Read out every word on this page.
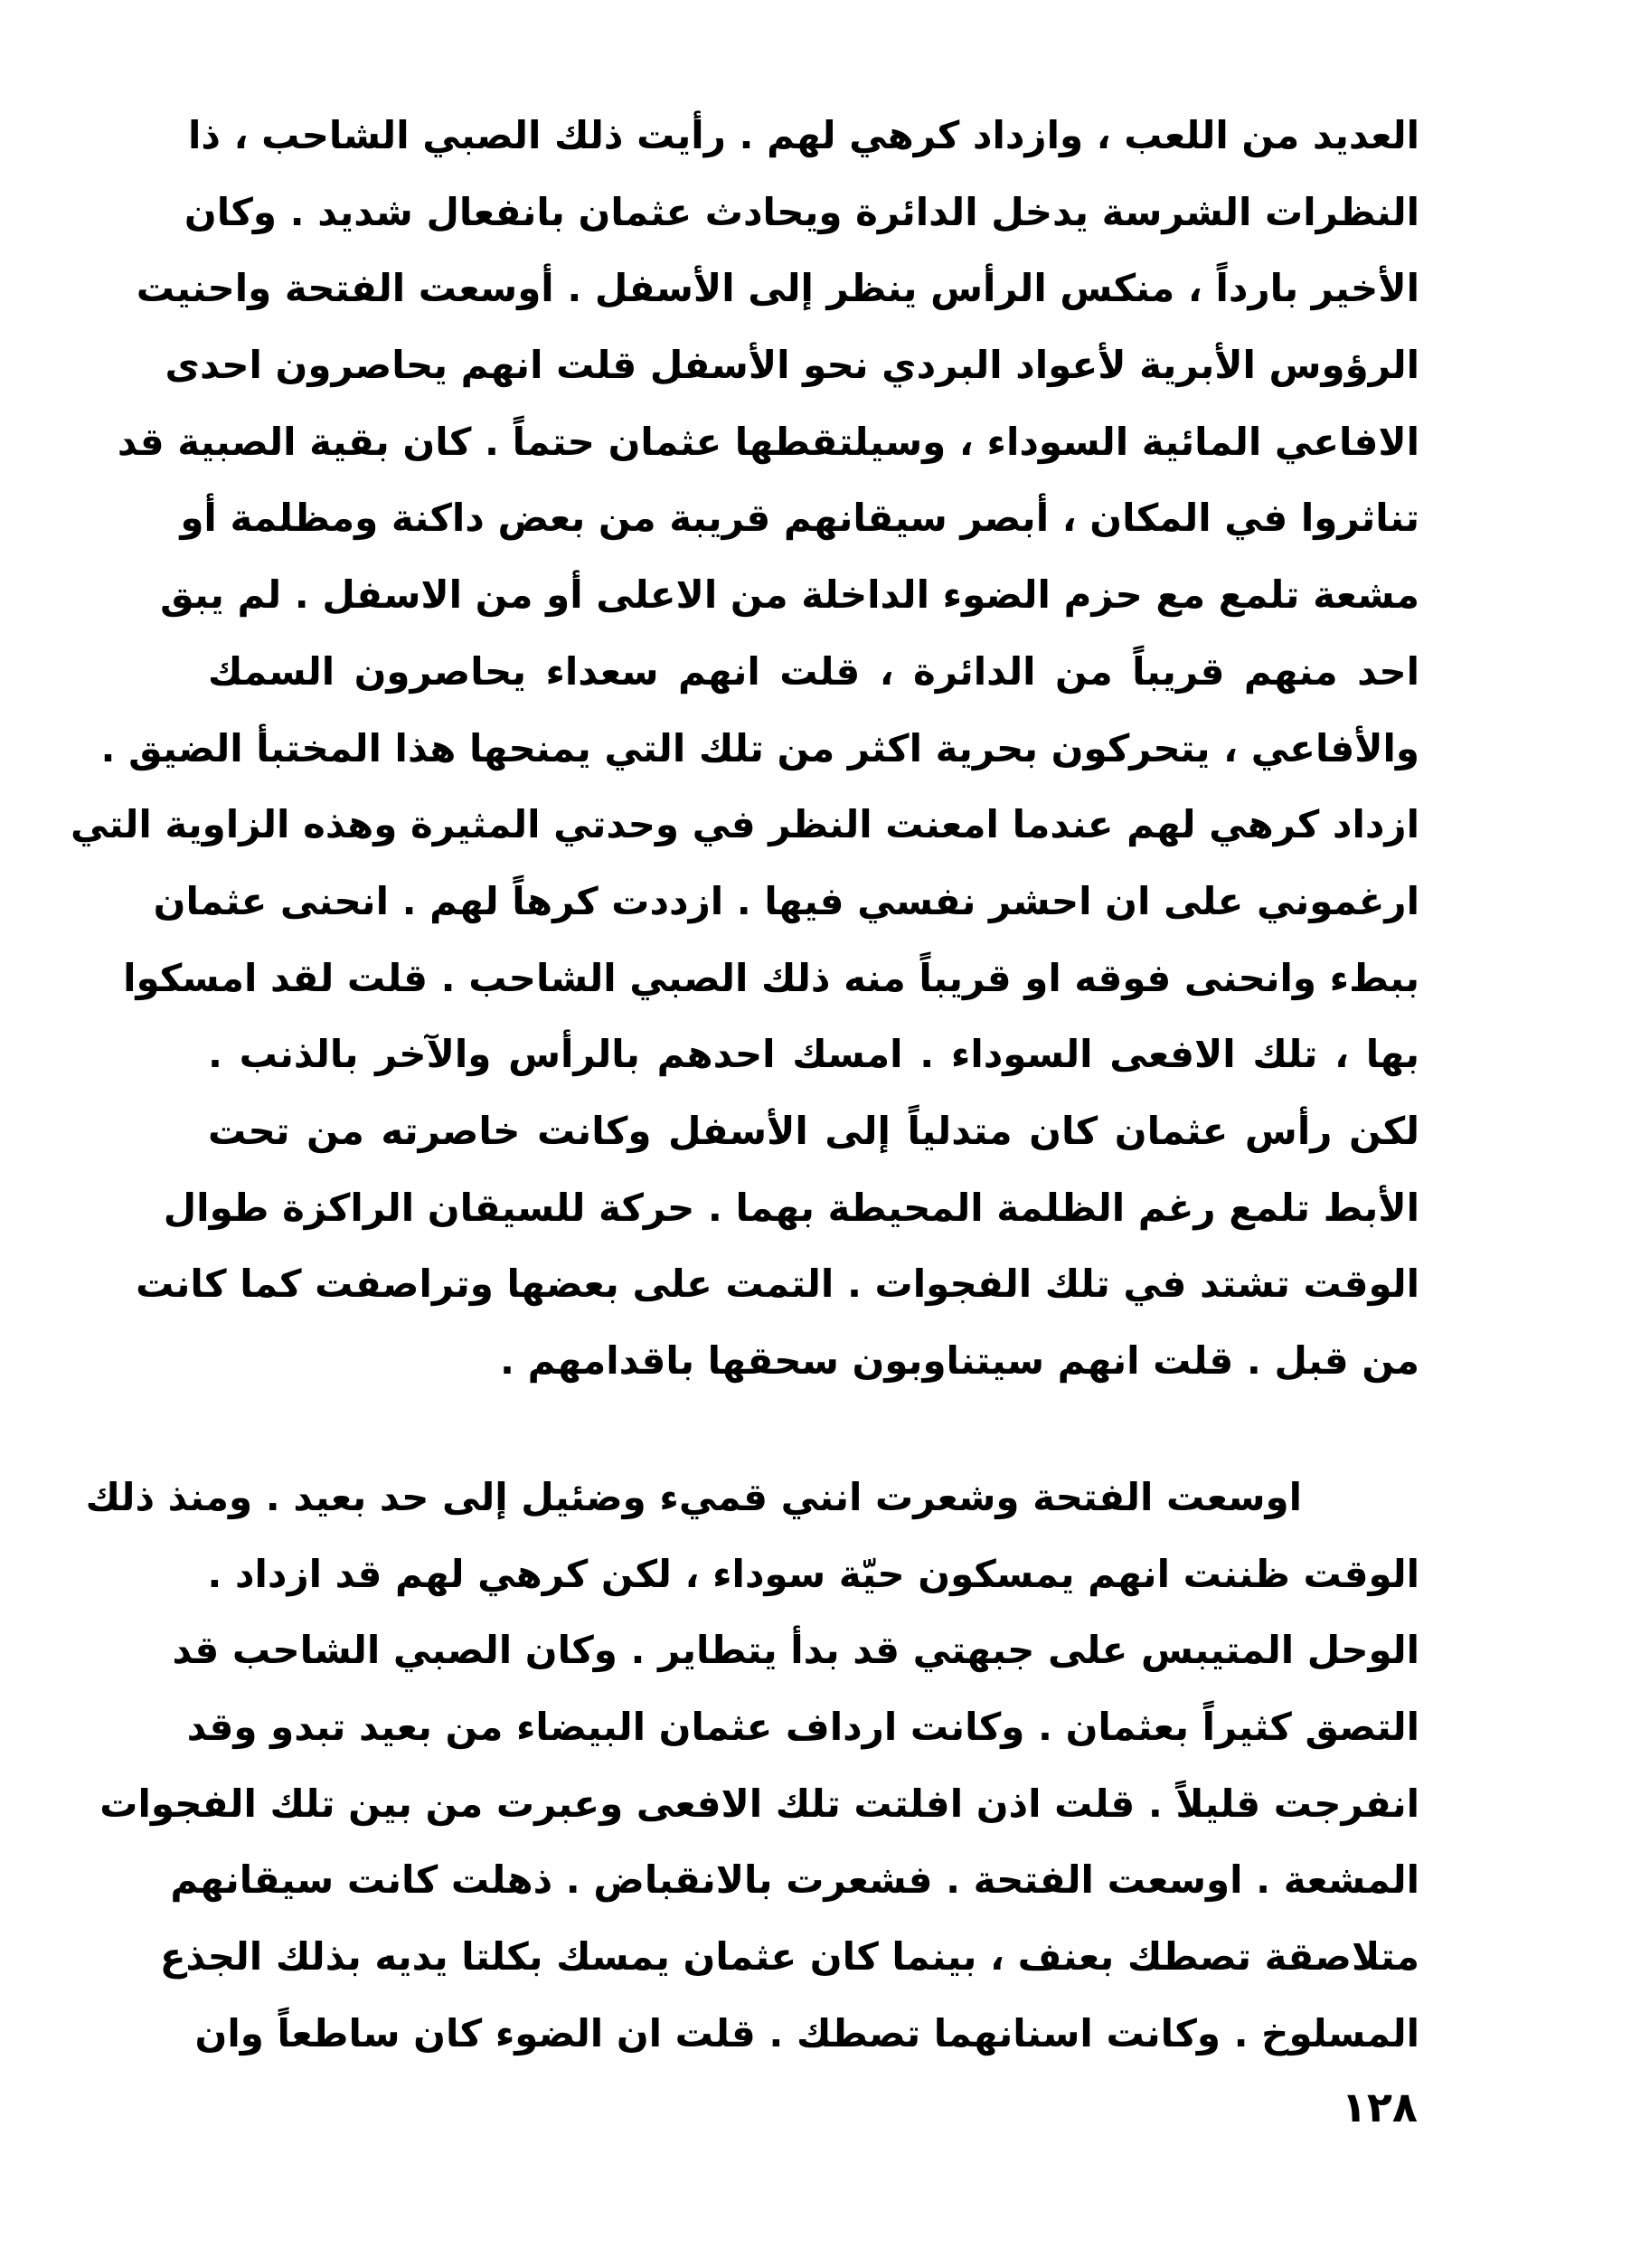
العديد من اللعب ، وازداد كرهي لهم . رأيت ذلك الصبي الشاحب ، ذا
النظرات الشرسة يدخل الدائرة ويحادث عثمان بانفعال شديد . وكان
الأخير بارداً ، منكس الرأس ينظر إلى الأسفل . أوسعت الفتحة واحنيت
الرؤوس الأبرية لأعواد البردي نحو الأسفل قلت انهم يحاصرون احدى
الافاعي المائية السوداء ، وسيلتقطها عثمان حتماً . كان بقية الصبية قد
تناثروا في المكان ، أبصر سيقانهم قريبة من بعض داكنة ومظلمة أو
مشعة تلمع مع حزم الضوء الداخلة من الاعلى أو من الاسفل . لم يبق
احد منهم قريباً من الدائرة ، قلت انهم سعداء يحاصرون السمك
والأفاعي ، يتحركون بحرية اكثر من تلك التي يمنحها هذا المختبأ الضيق .
ازداد كرهي لهم عندما امعنت النظر في وحدتي المثيرة وهذه الزاوية التي
ارغموني على ان احشر نفسي فيها . ازددت كرهاً لهم . انحنى عثمان
ببطء وانحنى فوقه او قريباً منه ذلك الصبي الشاحب . قلت لقد امسكوا
بها ، تلك الافعى السوداء . امسك احدهم بالرأس والآخر بالذنب .
لكن رأس عثمان كان متدلياً إلى الأسفل وكانت خاصرته من تحت
الأبط تلمع رغم الظلمة المحيطة بهما . حركة للسيقان الراكزة طوال
الوقت تشتد في تلك الفجوات . التمت على بعضها وتراصفت كما كانت
من قبل . قلت انهم سيتناوبون سحقها باقدامهم .
اوسعت الفتحة وشعرت انني قميء وضئيل إلى حد بعيد . ومنذ ذلك
الوقت ظننت انهم يمسكون حيّة سوداء ، لكن كرهي لهم قد ازداد .
الوحل المتيبس على جبهتي قد بدأ يتطاير . وكان الصبي الشاحب قد
التصق كثيراً بعثمان . وكانت ارداف عثمان البيضاء من بعيد تبدو وقد
انفرجت قليلاً . قلت اذن افلتت تلك الافعى وعبرت من بين تلك الفجوات
المشعة . اوسعت الفتحة . فشعرت بالانقباض . ذهلت كانت سيقانهم
متلاصقة تصطك بعنف ، بينما كان عثمان يمسك بكلتا يديه بذلك الجذع
المسلوخ . وكانت اسنانهما تصطك . قلت ان الضوء كان ساطعاً وان
١٢٨
